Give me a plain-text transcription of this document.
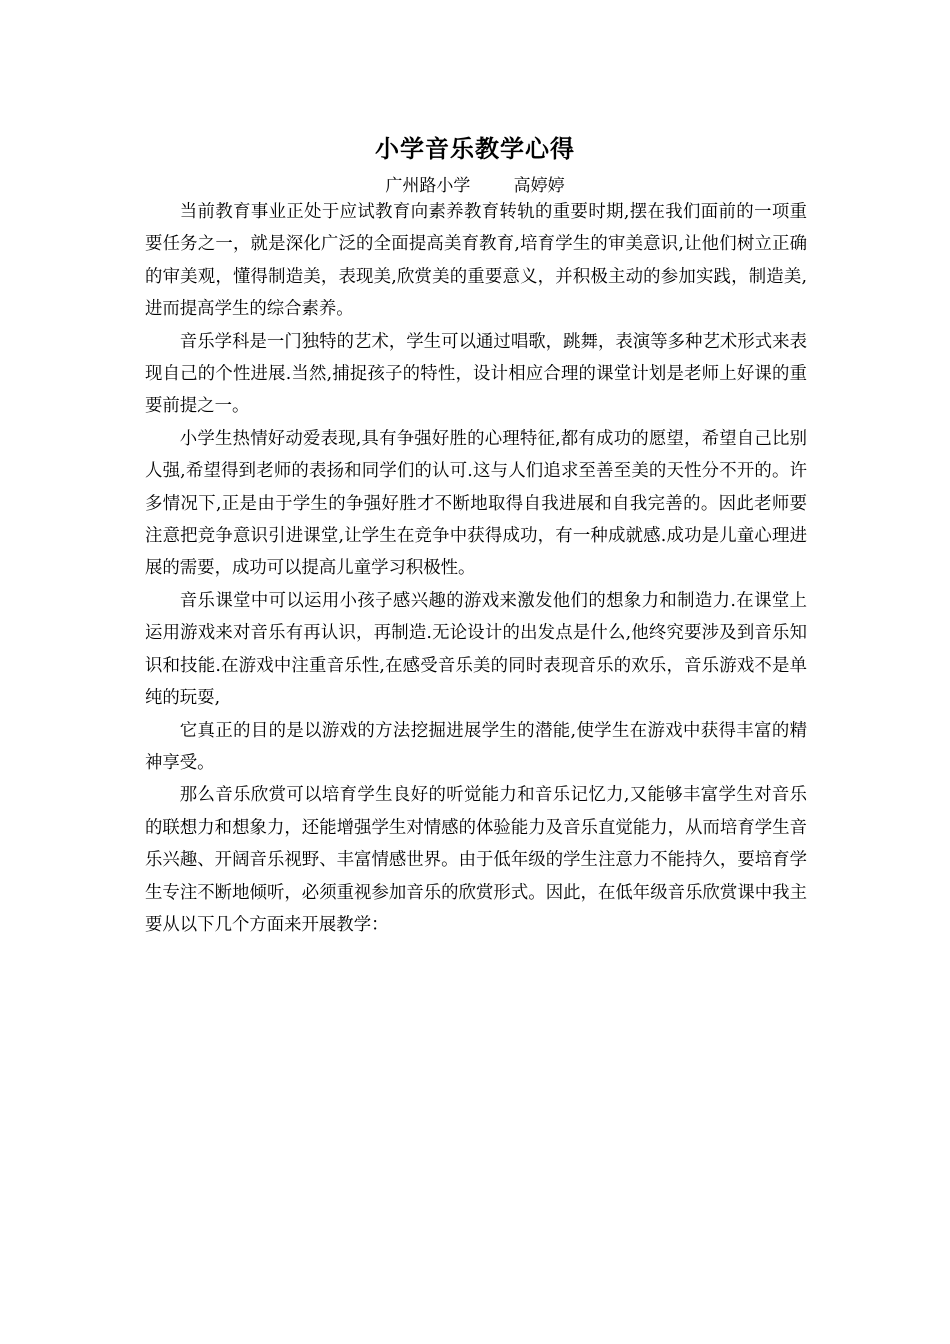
小学音乐教学心得
广州路小学        高婷婷

当前教育事业正处于应试教育向素养教育转轨的重要时期,摆在我们面前的一项重要任务之一，就是深化广泛的全面提高美育教育,培育学生的审美意识,让他们树立正确的审美观，懂得制造美，表现美,欣赏美的重要意义，并积极主动的参加实践，制造美,进而提高学生的综合素养。

音乐学科是一门独特的艺术，学生可以通过唱歌，跳舞，表演等多种艺术形式来表现自己的个性进展.当然,捕捉孩子的特性，设计相应合理的课堂计划是老师上好课的重要前提之一。

小学生热情好动爱表现,具有争强好胜的心理特征,都有成功的愿望，希望自己比别人强,希望得到老师的表扬和同学们的认可.这与人们追求至善至美的天性分不开的。许多情况下,正是由于学生的争强好胜才不断地取得自我进展和自我完善的。因此老师要注意把竞争意识引进课堂,让学生在竞争中获得成功，有一种成就感.成功是儿童心理进展的需要，成功可以提高儿童学习积极性。

音乐课堂中可以运用小孩子感兴趣的游戏来激发他们的想象力和制造力.在课堂上运用游戏来对音乐有再认识，再制造.无论设计的出发点是什么,他终究要涉及到音乐知识和技能.在游戏中注重音乐性,在感受音乐美的同时表现音乐的欢乐，音乐游戏不是单纯的玩耍,

它真正的目的是以游戏的方法挖掘进展学生的潜能,使学生在游戏中获得丰富的精神享受。

那么音乐欣赏可以培育学生良好的听觉能力和音乐记忆力,又能够丰富学生对音乐的联想力和想象力，还能增强学生对情感的体验能力及音乐直觉能力，从而培育学生音乐兴趣、开阔音乐视野、丰富情感世界。由于低年级的学生注意力不能持久，要培育学生专注不断地倾听，必须重视参加音乐的欣赏形式。因此，在低年级音乐欣赏课中我主要从以下几个方面来开展教学：
